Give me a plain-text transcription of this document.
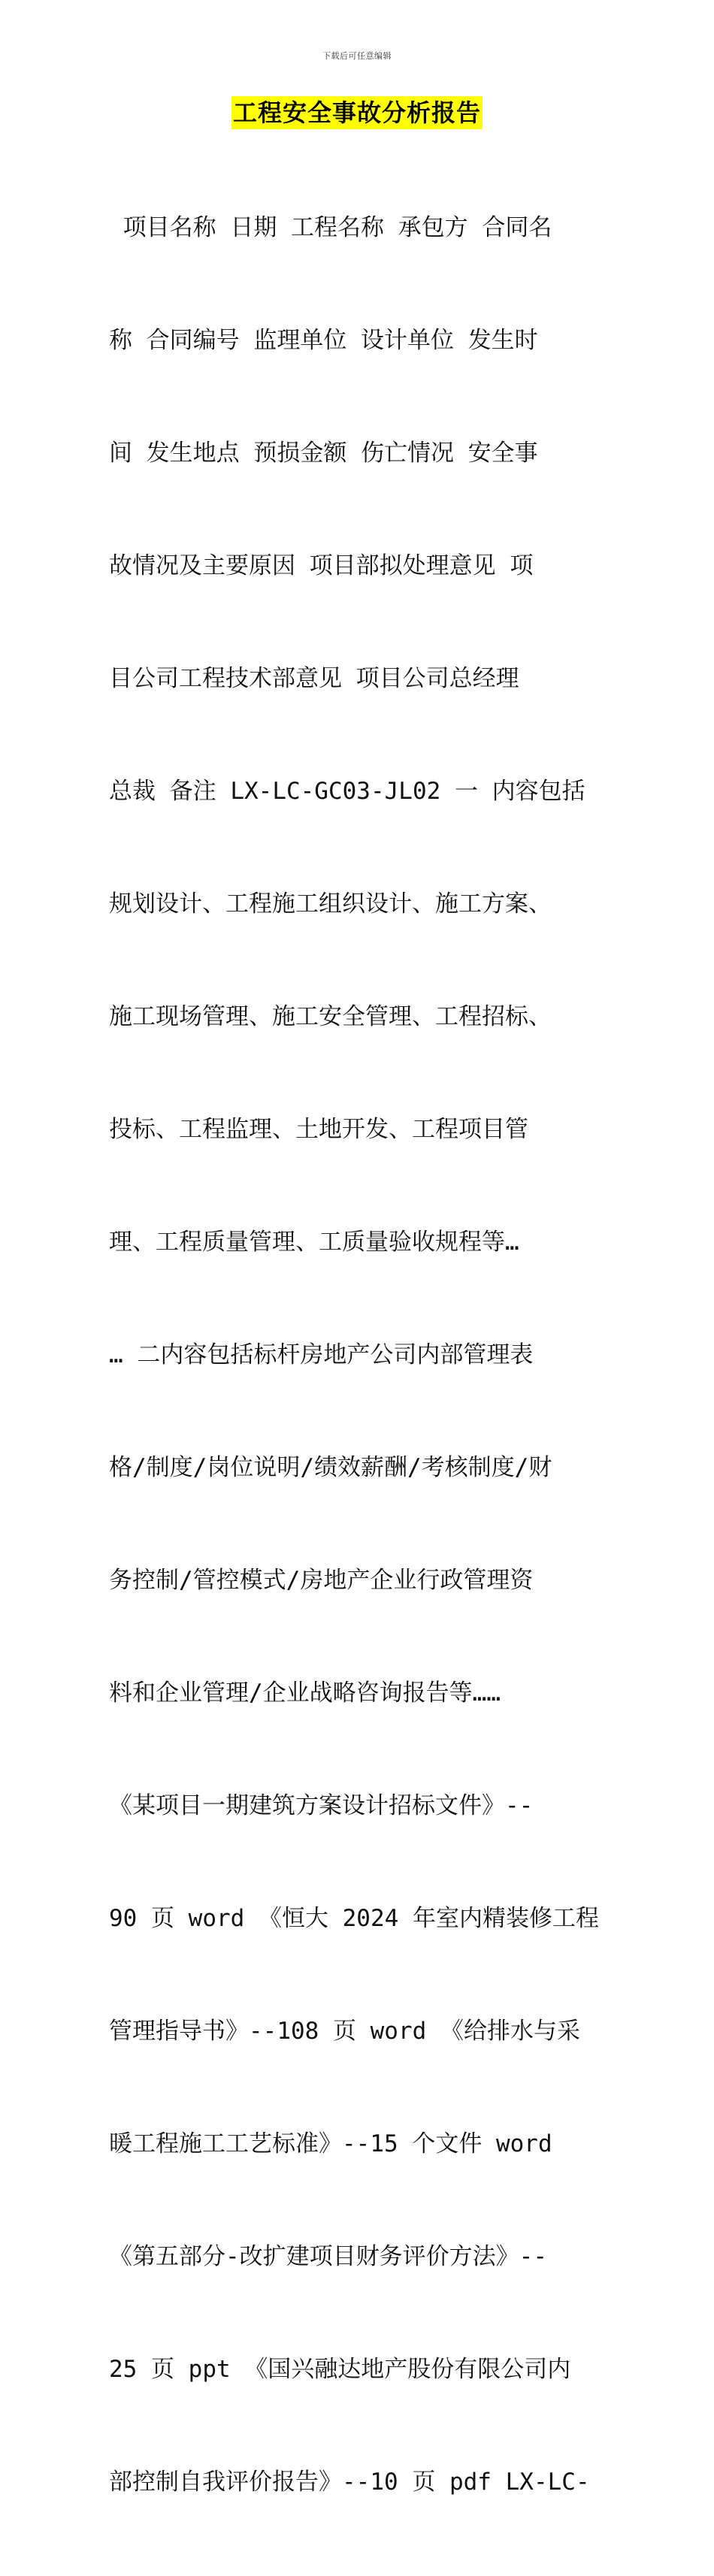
下载后可任意编辑
工程安全事故分析报告

项目名称 日期 工程名称 承包方 合同名

称 合同编号 监理单位 设计单位 发生时

间 发生地点 预损金额 伤亡情况 安全事

故情况及主要原因 项目部拟处理意见 项

目公司工程技术部意见 项目公司总经理

总裁 备注 LX-LC-GC03-JL02 一 内容包括

规划设计、工程施工组织设计、施工方案、

施工现场管理、施工安全管理、工程招标、

投标、工程监理、土地开发、工程项目管

理、工程质量管理、工质量验收规程等…

… 二内容包括标杆房地产公司内部管理表

格/制度/岗位说明/绩效薪酬/考核制度/财

务控制/管控模式/房地产企业行政管理资

料和企业管理/企业战略咨询报告等……

《某项目一期建筑方案设计招标文件》--

90 页 word 《恒大 2024 年室内精装修工程

管理指导书》--108 页 word 《给排水与采

暖工程施工工艺标准》--15 个文件 word

《第五部分-改扩建项目财务评价方法》--

25 页 ppt 《国兴融达地产股份有限公司内

部控制自我评价报告》--10 页 pdf LX-LC-
